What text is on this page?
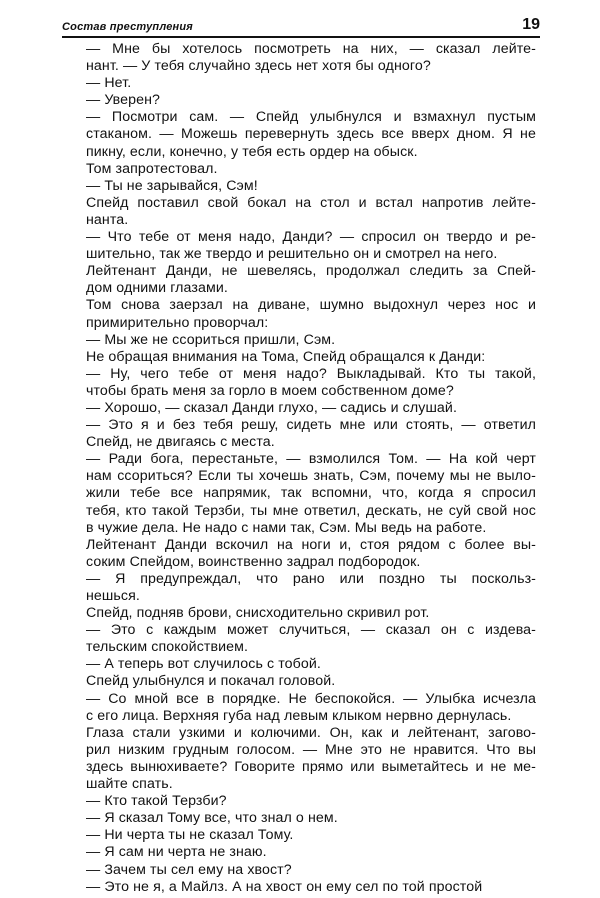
Состав преступления	19
— Мне бы хотелось посмотреть на них, — сказал лейте-
нант. — У тебя случайно здесь нет хотя бы одного?
— Нет.
— Уверен?
— Посмотри сам. — Спейд улыбнулся и взмахнул пустым
стаканом. — Можешь перевернуть здесь все вверх дном. Я не
пикну, если, конечно, у тебя есть ордер на обыск.
Том запротестовал.
— Ты не зарывайся, Сэм!
Спейд поставил свой бокал на стол и встал напротив лейте-
нанта.
— Что тебе от меня надо, Данди? — спросил он твердо и ре-
шительно, так же твердо и решительно он и смотрел на него.
Лейтенант Данди, не шевелясь, продолжал следить за Спей-
дом одними глазами.
Том снова заерзал на диване, шумно выдохнул через нос и
примирительно проворчал:
— Мы же не ссориться пришли, Сэм.
Не обращая внимания на Тома, Спейд обращался к Данди:
— Ну, чего тебе от меня надо? Выкладывай. Кто ты такой,
чтобы брать меня за горло в моем собственном доме?
— Хорошо, — сказал Данди глухо, — садись и слушай.
— Это я и без тебя решу, сидеть мне или стоять, — ответил
Спейд, не двигаясь с места.
— Ради бога, перестаньте, — взмолился Том. — На кой черт
нам ссориться? Если ты хочешь знать, Сэм, почему мы не выло-
жили тебе все напрямик, так вспомни, что, когда я спросил
тебя, кто такой Терзби, ты мне ответил, дескать, не суй свой нос
в чужие дела. Не надо с нами так, Сэм. Мы ведь на работе.
Лейтенант Данди вскочил на ноги и, стоя рядом с более вы-
соким Спейдом, воинственно задрал подбородок.
— Я предупреждал, что рано или поздно ты поскольз-
нешься.
Спейд, подняв брови, снисходительно скривил рот.
— Это с каждым может случиться, — сказал он с издева-
тельским спокойствием.
— А теперь вот случилось с тобой.
Спейд улыбнулся и покачал головой.
— Со мной все в порядке. Не беспокойся. — Улыбка исчезла
с его лица. Верхняя губа над левым клыком нервно дернулась.
Глаза стали узкими и колючими. Он, как и лейтенант, загово-
рил низким грудным голосом. — Мне это не нравится. Что вы
здесь вынюхиваете? Говорите прямо или выметайтесь и не ме-
шайте спать.
— Кто такой Терзби?
— Я сказал Тому все, что знал о нем.
— Ни черта ты не сказал Тому.
— Я сам ни черта не знаю.
— Зачем ты сел ему на хвост?
— Это не я, а Майлз. А на хвост он ему сел по той простой
